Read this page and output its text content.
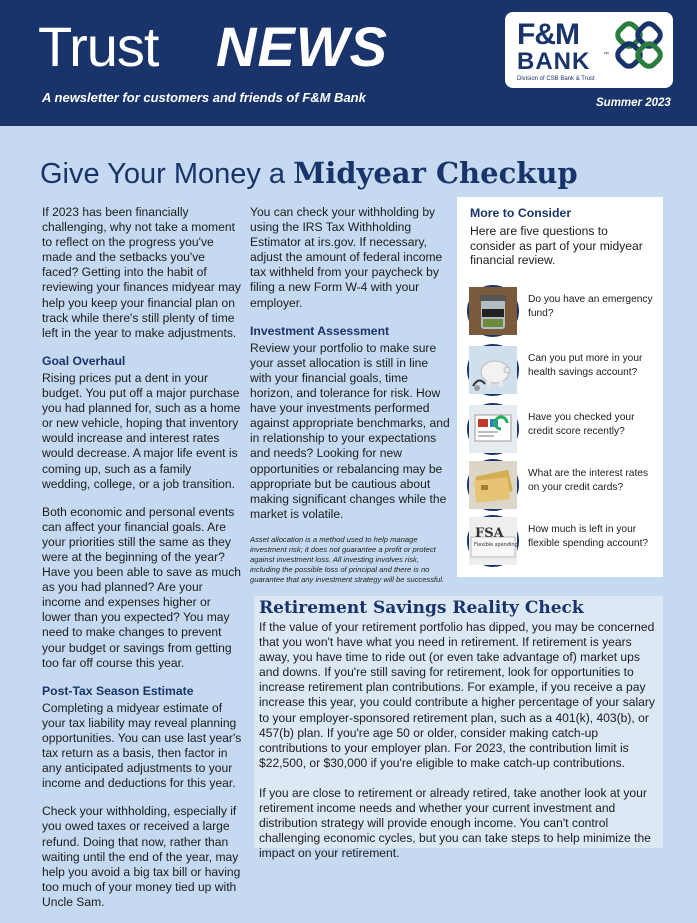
Trust NEWS
A newsletter for customers and friends of F&M Bank	Summer 2023
F&M
BANK ™
Division of CSB Bank & Trust
Give Your Money a Midyear Checkup

If 2023 has been financially challenging, why not take a moment to reflect on the progress you've made and the setbacks you've faced? Getting into the habit of reviewing your finances midyear may help you keep your financial plan on track while there's still plenty of time left in the year to make adjustments.

Goal Overhaul

Rising prices put a dent in your budget. You put off a major purchase you had planned for, such as a home or new vehicle, hoping that inventory would increase and interest rates would decrease. A major life event is coming up, such as a family wedding, college, or a job transition.

Both economic and personal events can affect your financial goals. Are your priorities still the same as they were at the beginning of the year? Have you been able to save as much as you had planned? Are your income and expenses higher or lower than you expected? You may need to make changes to prevent your budget or savings from getting too far off course this year.

Post-Tax Season Estimate

Completing a midyear estimate of your tax liability may reveal planning opportunities. You can use last year's tax return as a basis, then factor in any anticipated adjustments to your income and deductions for this year.

Check your withholding, especially if you owed taxes or received a large refund. Doing that now, rather than waiting until the end of the year, may help you avoid a big tax bill or having too much of your money tied up with Uncle Sam.

You can check your withholding by using the IRS Tax Withholding Estimator at irs.gov. If necessary, adjust the amount of federal income tax withheld from your paycheck by filing a new Form W-4 with your employer.

Investment Assessment

Review your portfolio to make sure your asset allocation is still in line with your financial goals, time horizon, and tolerance for risk. How have your investments performed against appropriate benchmarks, and in relationship to your expectations and needs? Looking for new opportunities or rebalancing may be appropriate but be cautious about making significant changes while the market is volatile.

Asset allocation is a method used to help manage investment risk; it does not guarantee a profit or protect against investment loss. All investing involves risk, including the possible loss of principal and there is no guarantee that any investment strategy will be successful.

More to Consider
Here are five questions to consider as part of your midyear financial review.
Do you have an emergency fund?
Can you put more in your health savings account?
Have you checked your credit score recently?
What are the interest rates on your credit cards?
FSA
Flexible spending
How much is left in your flexible spending account?
Retirement Savings Reality Check

If the value of your retirement portfolio has dipped, you may be concerned that you won't have what you need in retirement. If retirement is years away, you have time to ride out (or even take advantage of) market ups and downs. If you're still saving for retirement, look for opportunities to increase retirement plan contributions. For example, if you receive a pay increase this year, you could contribute a higher percentage of your salary to your employer-sponsored retirement plan, such as a 401(k), 403(b), or 457(b) plan. If you're age 50 or older, consider making catch-up contributions to your employer plan. For 2023, the contribution limit is $22,500, or $30,000 if you're eligible to make catch-up contributions.

If you are close to retirement or already retired, take another look at your retirement income needs and whether your current investment and distribution strategy will provide enough income. You can't control challenging economic cycles, but you can take steps to help minimize the impact on your retirement.
